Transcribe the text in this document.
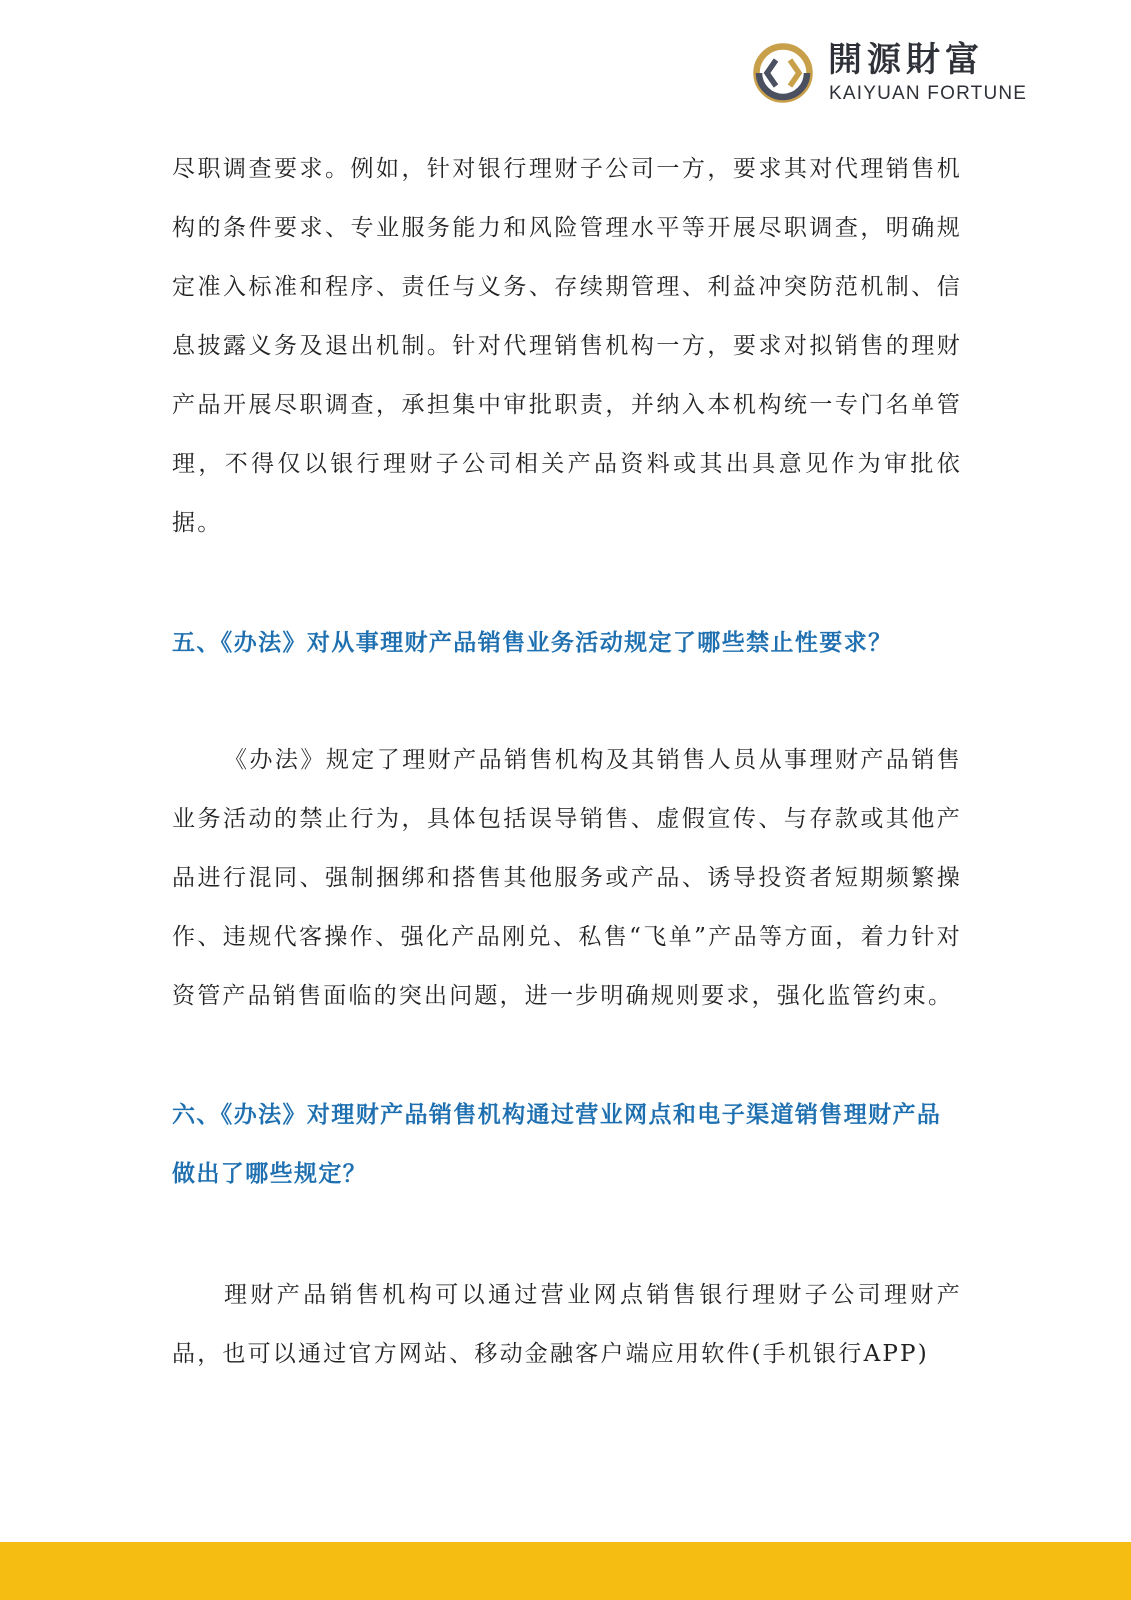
開源財富
KAIYUAN FORTUNE

尽职调查要求。例如，针对银行理财子公司一方，要求其对代理销售机构的条件要求、专业服务能力和风险管理水平等开展尽职调查，明确规定准入标准和程序、责任与义务、存续期管理、利益冲突防范机制、信息披露义务及退出机制。针对代理销售机构一方，要求对拟销售的理财产品开展尽职调查，承担集中审批职责，并纳入本机构统一专门名单管理，不得仅以银行理财子公司相关产品资料或其出具意见作为审批依据。

五、《办法》对从事理财产品销售业务活动规定了哪些禁止性要求？

《办法》规定了理财产品销售机构及其销售人员从事理财产品销售业务活动的禁止行为，具体包括误导销售、虚假宣传、与存款或其他产品进行混同、强制捆绑和搭售其他服务或产品、诱导投资者短期频繁操作、违规代客操作、强化产品刚兑、私售“飞单”产品等方面，着力针对资管产品销售面临的突出问题，进一步明确规则要求，强化监管约束。

六、《办法》对理财产品销售机构通过营业网点和电子渠道销售理财产品做出了哪些规定？

理财产品销售机构可以通过营业网点销售银行理财子公司理财产品，也可以通过官方网站、移动金融客户端应用软件(手机银行APP)
